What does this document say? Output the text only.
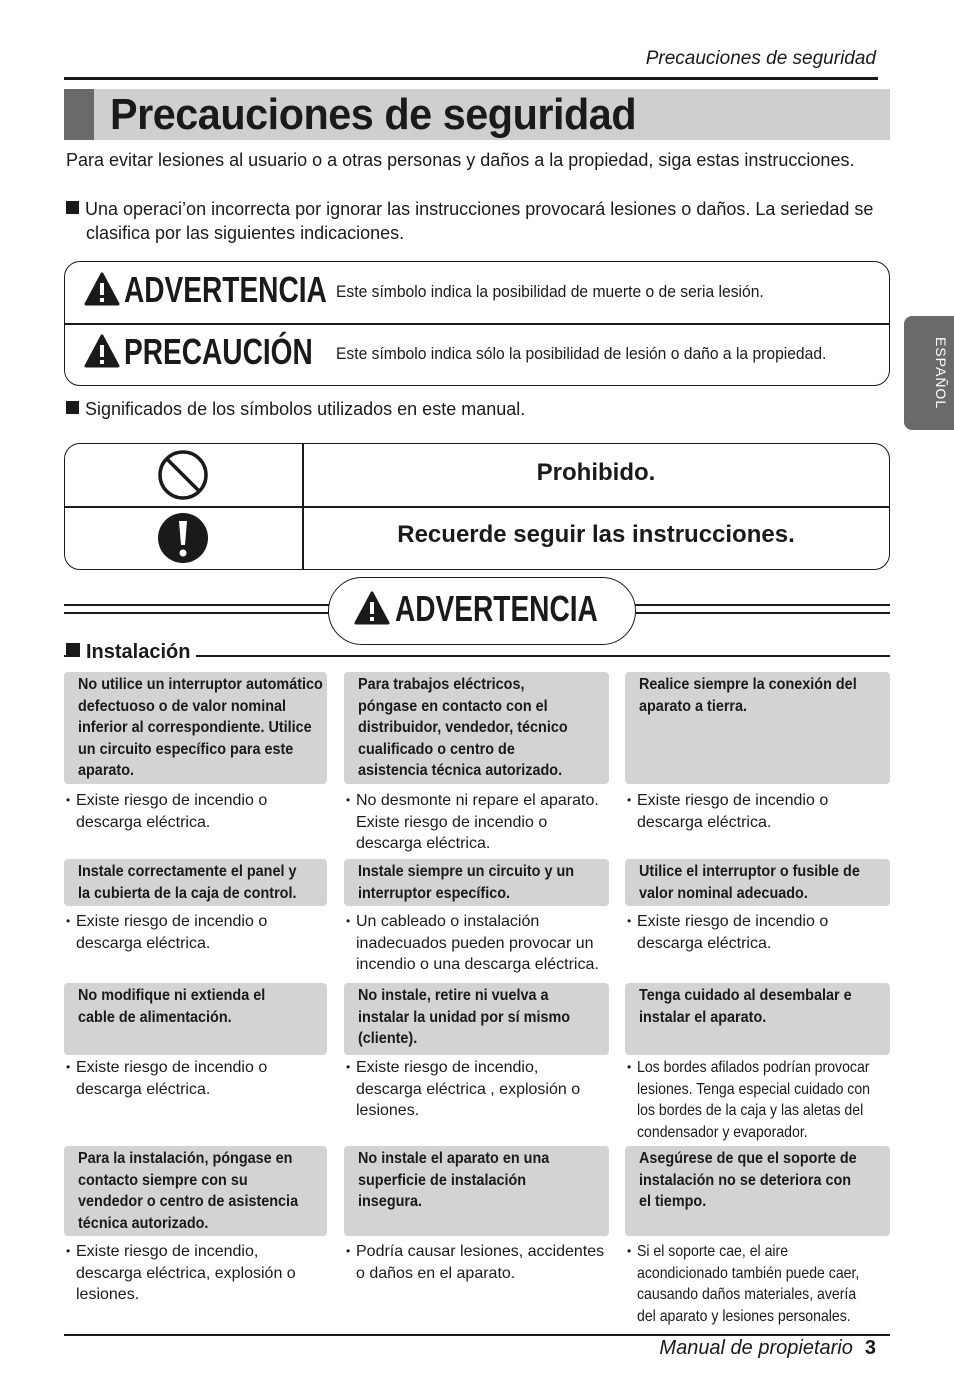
Precauciones de seguridad
Precauciones de seguridad
Para evitar lesiones al usuario o a otras personas y daños a la propiedad, siga estas instrucciones.
Una operaci’on incorrecta por ignorar las instrucciones provocará lesiones o daños. La seriedad se clasifica por las siguientes indicaciones.
ADVERTENCIA Este símbolo indica la posibilidad de muerte o de seria lesión.
PRECAUCIÓN Este símbolo indica sólo la posibilidad de lesión o daño a la propiedad.
Significados de los símbolos utilizados en este manual.
Prohibido.
Recuerde seguir las instrucciones.
ADVERTENCIA
Instalación
No utilice un interruptor automático
defectuoso o de valor nominal
inferior al correspondiente. Utilice
un circuito específico para este
aparato.
• Existe riesgo de incendio o
descarga eléctrica.
Para trabajos eléctricos,
póngase en contacto con el
distribuidor, vendedor, técnico
cualificado o centro de
asistencia técnica autorizado.
• No desmonte ni repare el aparato.
Existe riesgo de incendio o
descarga eléctrica.
Realice siempre la conexión del
aparato a tierra.
• Existe riesgo de incendio o
descarga eléctrica.
Instale correctamente el panel y
la cubierta de la caja de control.
• Existe riesgo de incendio o
descarga eléctrica.
Instale siempre un circuito y un
interruptor específico.
• Un cableado o instalación
inadecuados pueden provocar un
incendio o una descarga eléctrica.
Utilice el interruptor o fusible de
valor nominal adecuado.
• Existe riesgo de incendio o
descarga eléctrica.
No modifique ni extienda el
cable de alimentación.
• Existe riesgo de incendio o
descarga eléctrica.
No instale, retire ni vuelva a
instalar la unidad por sí mismo
(cliente).
• Existe riesgo de incendio,
descarga eléctrica , explosión o
lesiones.
Tenga cuidado al desembalar e
instalar el aparato.
• Los bordes afilados podrían provocar
lesiones. Tenga especial cuidado con
los bordes de la caja y las aletas del
condensador y evaporador.
Para la instalación, póngase en
contacto siempre con su
vendedor o centro de asistencia
técnica autorizado.
• Existe riesgo de incendio,
descarga eléctrica, explosión o
lesiones.
No instale el aparato en una
superficie de instalación
insegura.
• Podría causar lesiones, accidentes
o daños en el aparato.
Asegúrese de que el soporte de
instalación no se deteriora con
el tiempo.
• Si el soporte cae, el aire
acondicionado también puede caer,
causando daños materiales, avería
del aparato y lesiones personales.
ESPAÑOL
Manual de propietario 3
